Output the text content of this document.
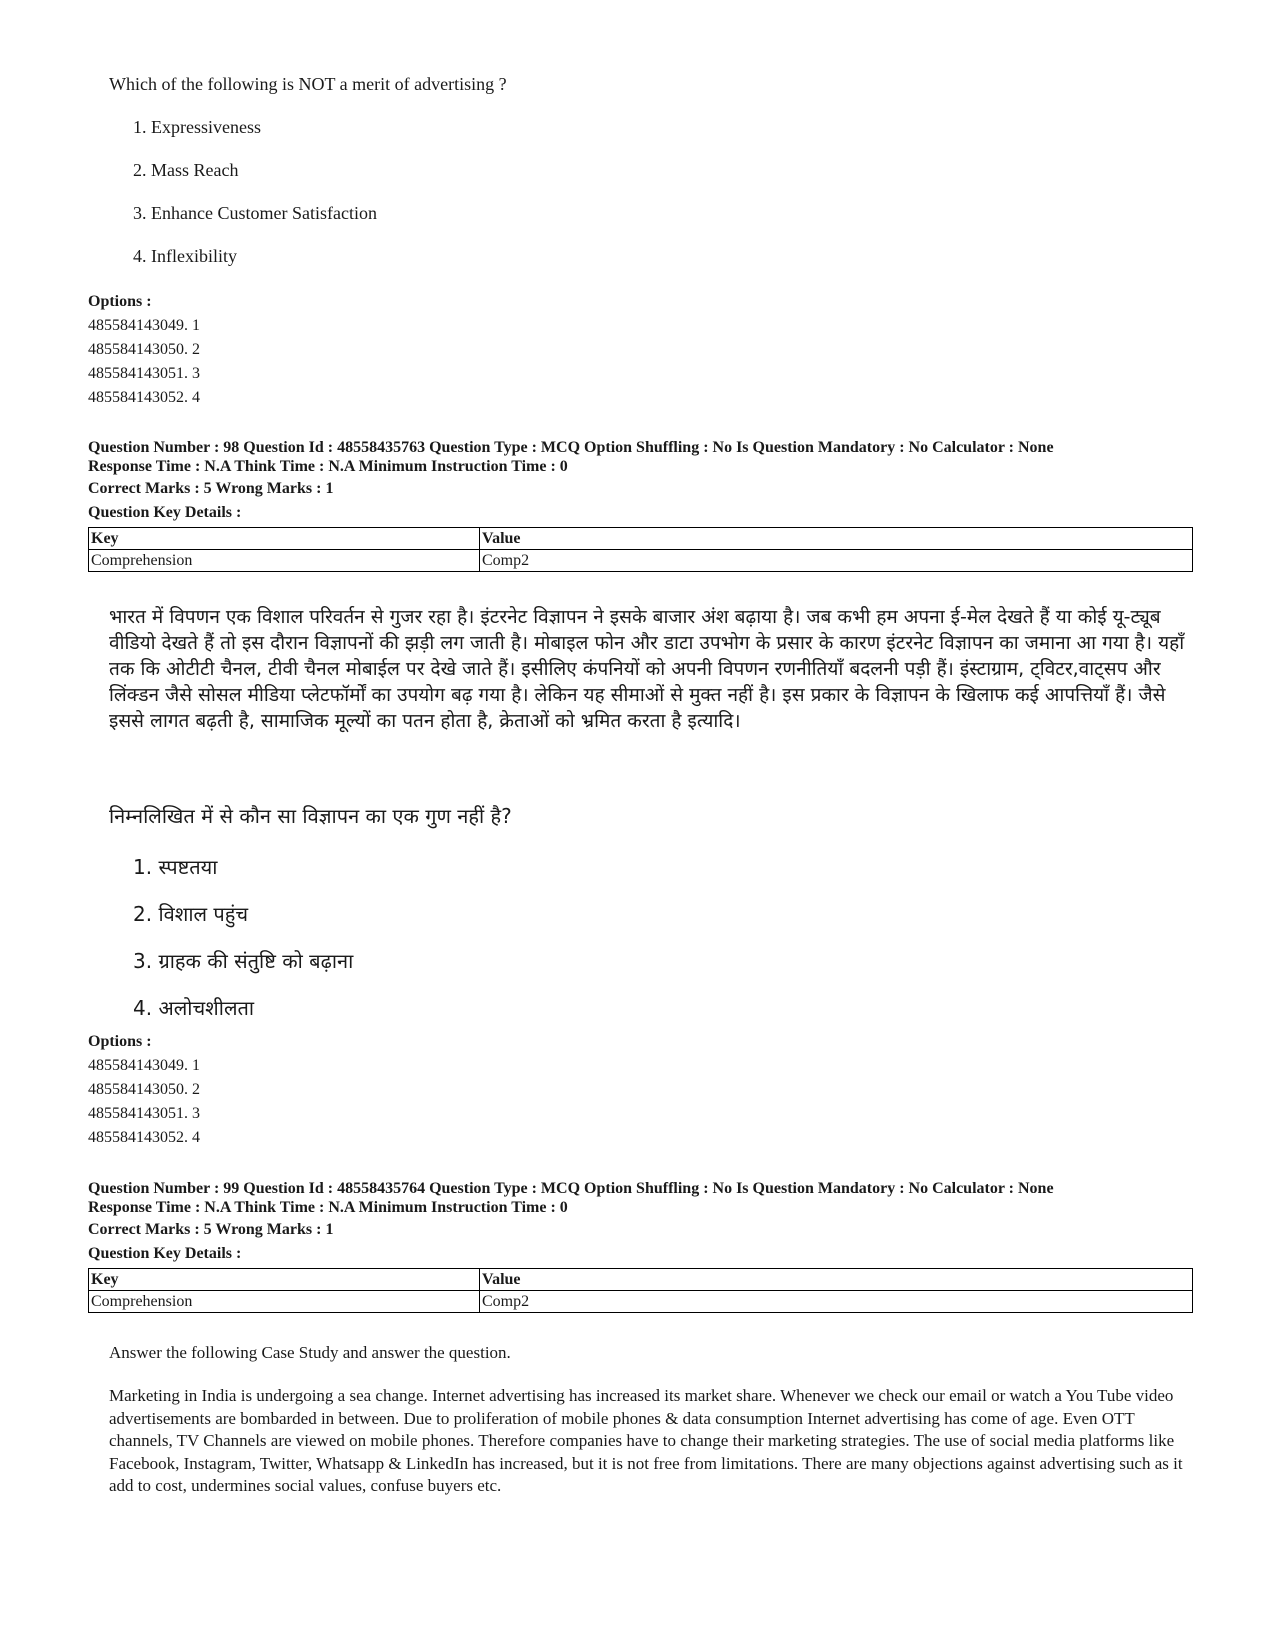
Which of the following is NOT a merit of advertising ?
1. Expressiveness
2. Mass Reach
3. Enhance Customer Satisfaction
4. Inflexibility
Options :
485584143049. 1
485584143050. 2
485584143051. 3
485584143052. 4
Question Number : 98 Question Id : 48558435763 Question Type : MCQ Option Shuffling : No Is Question Mandatory : No Calculator : None
Response Time : N.A Think Time : N.A Minimum Instruction Time : 0
Correct Marks : 5 Wrong Marks : 1
Question Key Details :
Key	Value
Comprehension	Comp2
भारत में विपणन एक विशाल परिवर्तन से गुजर रहा है। इंटरनेट विज्ञापन ने इसके बाजार अंश बढ़ाया है। जब कभी हम अपना ई-मेल देखते हैं या कोई यू-ट्यूब वीडियो देखते हैं तो इस दौरान विज्ञापनों की झड़ी लग जाती है। मोबाइल फोन और डाटा उपभोग के प्रसार के कारण इंटरनेट विज्ञापन का जमाना आ गया है। यहाँ तक कि ओटीटी चैनल, टीवी चैनल मोबाईल पर देखे जाते हैं। इसीलिए कंपनियों को अपनी विपणन रणनीतियाँ बदलनी पड़ी हैं। इंस्टाग्राम, ट्विटर,वाट्सप और लिंक्डन जैसे सोसल मीडिया प्लेटफॉर्मों का उपयोग बढ़ गया है। लेकिन यह सीमाओं से मुक्त नहीं है। इस प्रकार के विज्ञापन के खिलाफ कई आपत्तियाँ हैं। जैसे इससे लागत बढ़ती है, सामाजिक मूल्यों का पतन होता है, क्रेताओं को भ्रमित करता है इत्यादि।
निम्नलिखित में से कौन सा विज्ञापन का एक गुण नहीं है?
1. स्पष्टतया
2. विशाल पहुंच
3. ग्राहक की संतुष्टि को बढ़ाना
4. अलोचशीलता
Options :
485584143049. 1
485584143050. 2
485584143051. 3
485584143052. 4
Question Number : 99 Question Id : 48558435764 Question Type : MCQ Option Shuffling : No Is Question Mandatory : No Calculator : None
Response Time : N.A Think Time : N.A Minimum Instruction Time : 0
Correct Marks : 5 Wrong Marks : 1
Question Key Details :
Key	Value
Comprehension	Comp2
Answer the following Case Study and answer the question.
Marketing in India is undergoing a sea change. Internet advertising has increased its market share. Whenever we check our email or watch a You Tube video advertisements are bombarded in between. Due to proliferation of mobile phones & data consumption Internet advertising has come of age. Even OTT channels, TV Channels are viewed on mobile phones. Therefore companies have to change their marketing strategies. The use of social media platforms like Facebook, Instagram, Twitter, Whatsapp & LinkedIn has increased, but it is not free from limitations. There are many objections against advertising such as it add to cost, undermines social values, confuse buyers etc.
